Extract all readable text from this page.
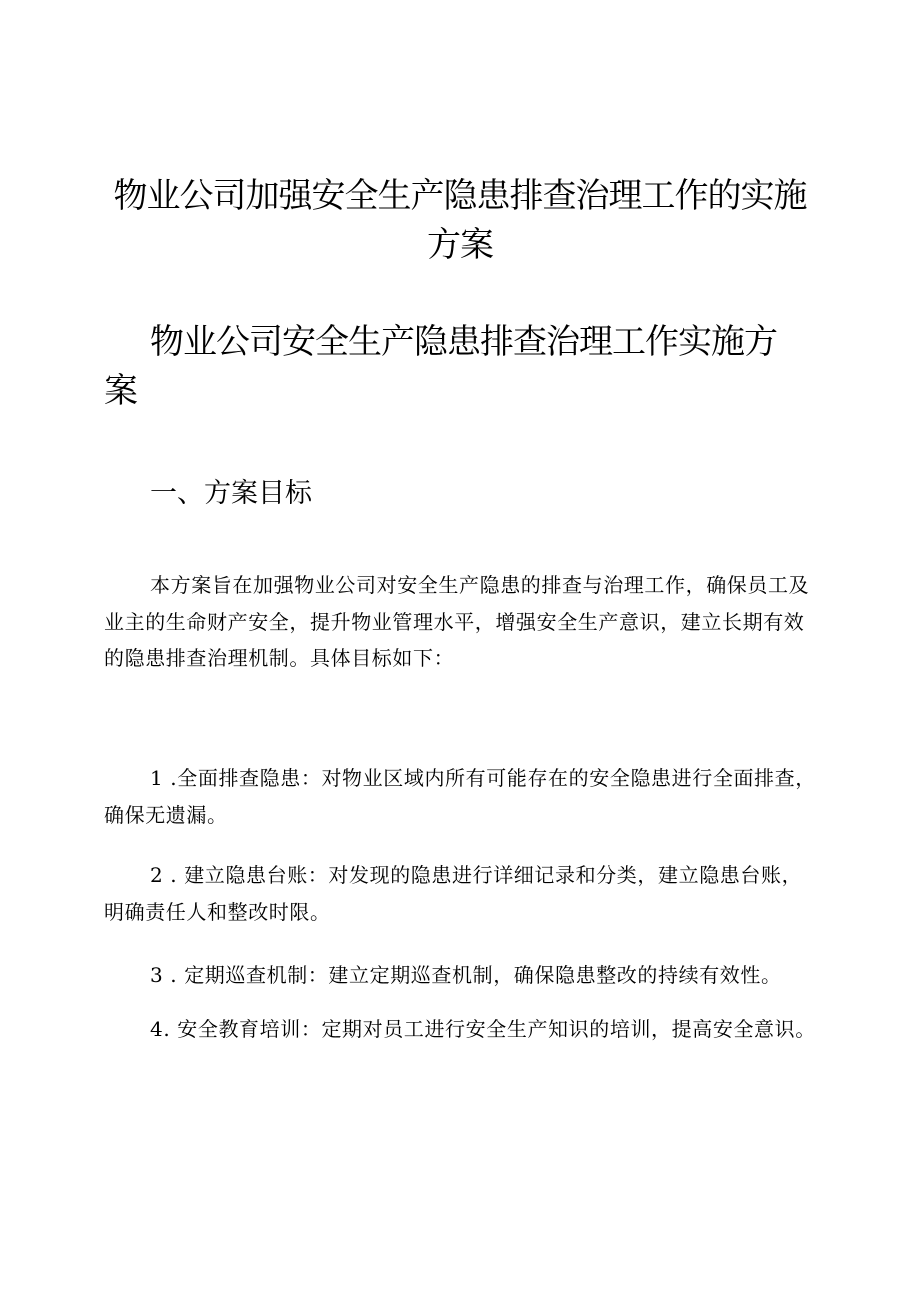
物业公司加强安全生产隐患排查治理工作的实施方案
物业公司安全生产隐患排查治理工作实施方案
一、方案目标
本方案旨在加强物业公司对安全生产隐患的排查与治理工作，确保员工及业主的生命财产安全，提升物业管理水平，增强安全生产意识，建立长期有效的隐患排查治理机制。具体目标如下：
1 .全面排查隐患：对物业区域内所有可能存在的安全隐患进行全面排查，确保无遗漏。
2 . 建立隐患台账：对发现的隐患进行详细记录和分类，建立隐患台账，明确责任人和整改时限。
3 . 定期巡查机制：建立定期巡查机制，确保隐患整改的持续有效性。
4. 安全教育培训：定期对员工进行安全生产知识的培训，提高安全意识。
